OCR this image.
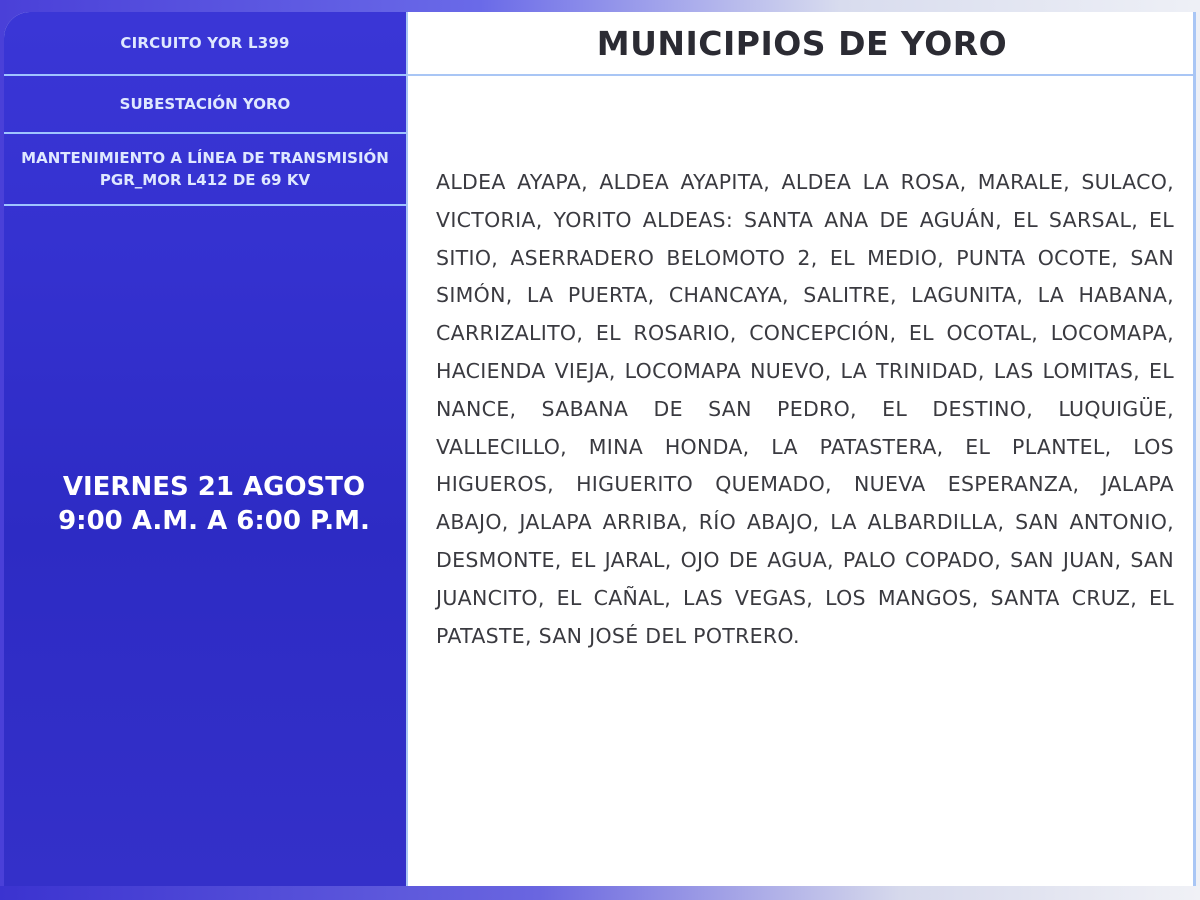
CIRCUITO YOR L399
SUBESTACIÓN YORO
MANTENIMIENTO A LÍNEA DE TRANSMISIÓN PGR_MOR L412 DE 69 KV
VIERNES 21 AGOSTO
9:00 A.M. A 6:00 P.M.
MUNICIPIOS DE YORO
ALDEA AYAPA, ALDEA AYAPITA, ALDEA LA ROSA, MARALE, SULACO, VICTORIA, YORITO ALDEAS: SANTA ANA DE AGUÁN, EL SARSAL, EL SITIO, ASERRADERO BELOMOTO 2, EL MEDIO, PUNTA OCOTE, SAN SIMÓN, LA PUERTA, CHANCAYA, SALITRE, LAGUNITA, LA HABANA, CARRIZALITO, EL ROSARIO, CONCEPCIÓN, EL OCOTAL, LOCOMAPA, HACIENDA VIEJA, LOCOMAPA NUEVO, LA TRINIDAD, LAS LOMITAS, EL NANCE, SABANA DE SAN PEDRO, EL DESTINO, LUQUIGÜE, VALLECILLO, MINA HONDA, LA PATASTERA, EL PLANTEL, LOS HIGUEROS, HIGUERITO QUEMADO, NUEVA ESPERANZA, JALAPA ABAJO, JALAPA ARRIBA, RÍO ABAJO, LA ALBARDILLA, SAN ANTONIO, DESMONTE, EL JARAL, OJO DE AGUA, PALO COPADO, SAN JUAN, SAN JUANCITO, EL CAÑAL, LAS VEGAS, LOS MANGOS, SANTA CRUZ, EL PATASTE, SAN JOSÉ DEL POTRERO.
